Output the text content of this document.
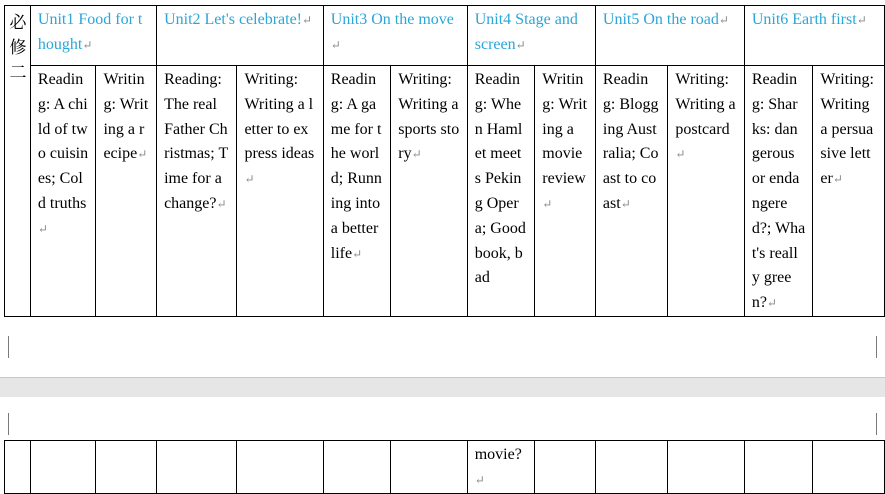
必修二	Unit1 Food for thought↵		Unit2 Let's celebrate!↵		Unit3 On the move↵		Unit4 Stage and screen↵		Unit5 On the road↵		Unit6 Earth first↵	
	Reading: A child of two cuisines; Cold truths↵	Writing: Writing a recipe↵	Reading: The real Father Christmas; Time for a change?↵	Writing: Writing a letter to express ideas↵	Reading: A game for the world; Running into a better life↵	Writing: Writing a sports story↵	Reading: When Hamlet meets Peking Opera; Good book, bad	Writing: Writing a movie review↵	Reading: Blogging Australia; Coast to coast↵	Writing: Writing a postcard↵	Reading: Sharks: dangerous or endangered?; What's really green?↵	Writing: Writing a persuasive letter↵
							movie?↵					
